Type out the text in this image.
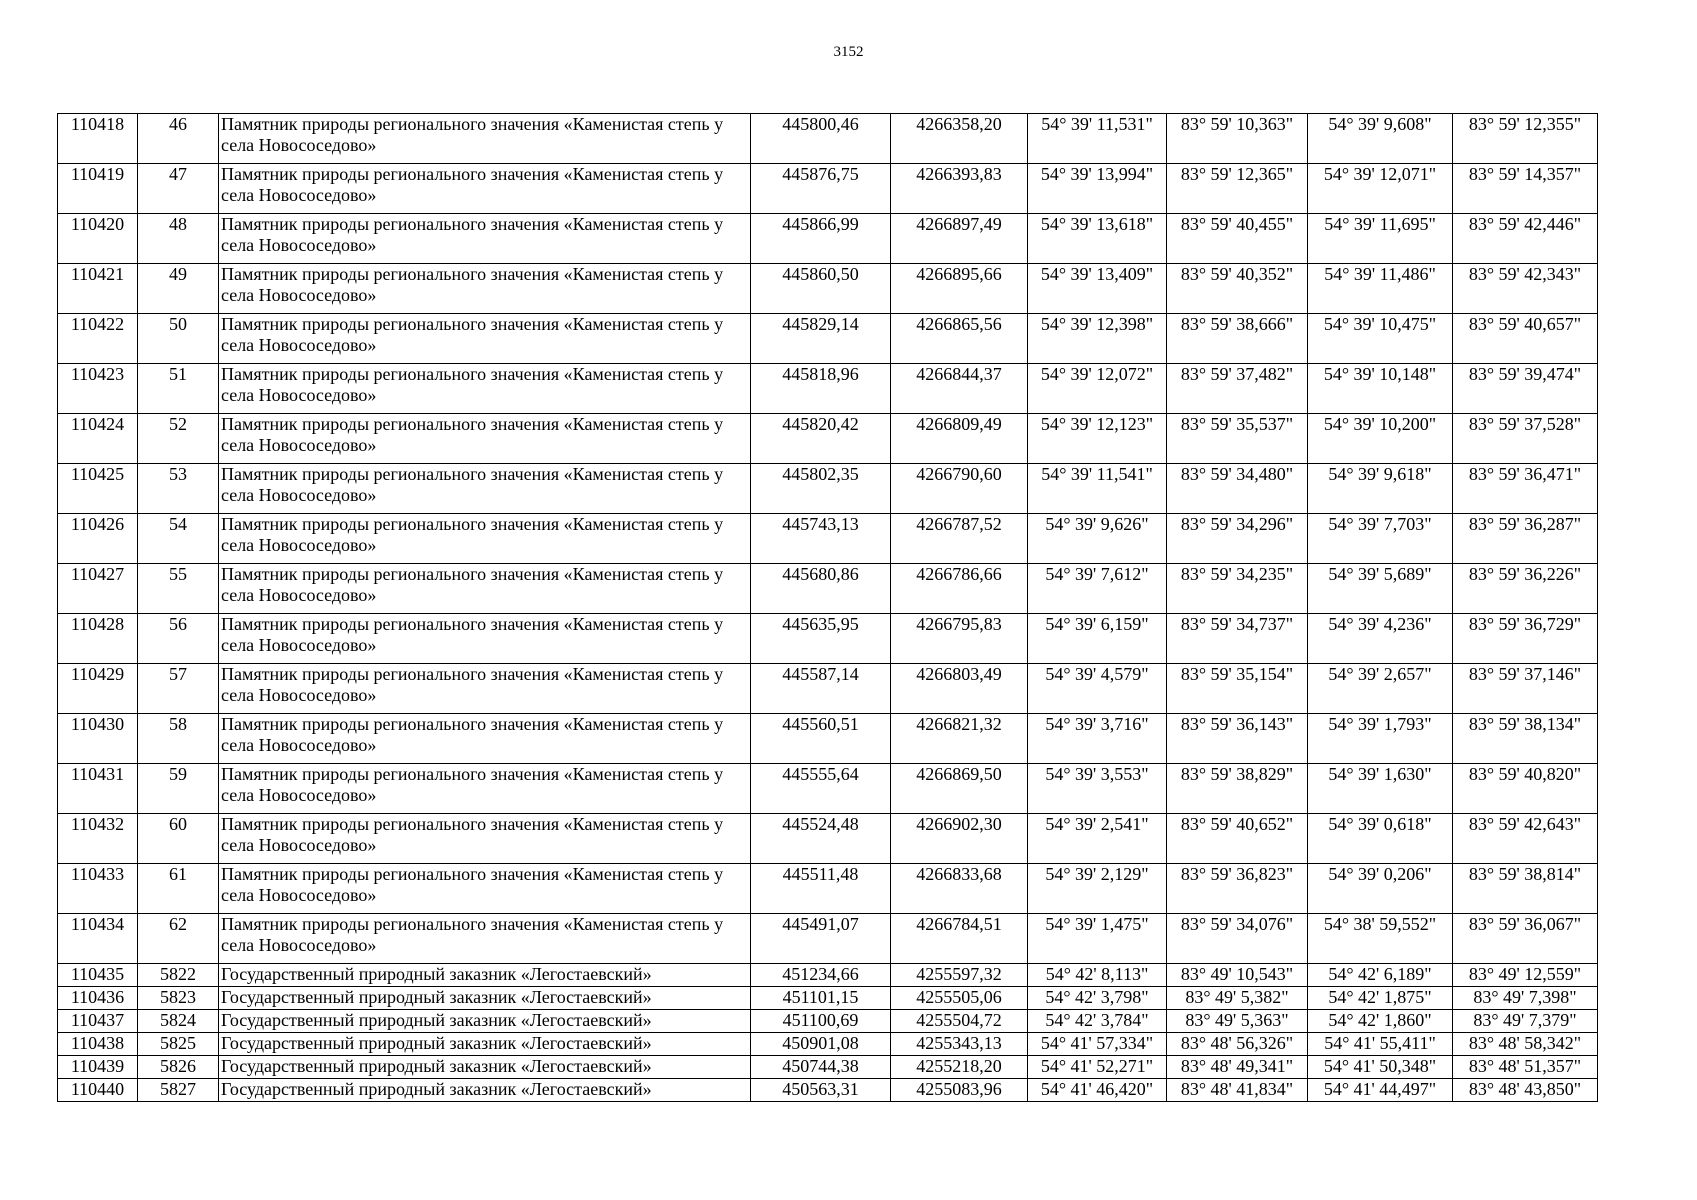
3152
110418	46	Памятник природы регионального значения «Каменистая степь у села Новососедово»	445800,46	4266358,20	54° 39' 11,531"	83° 59' 10,363"	54° 39' 9,608"	83° 59' 12,355"
110419	47	Памятник природы регионального значения «Каменистая степь у села Новососедово»	445876,75	4266393,83	54° 39' 13,994"	83° 59' 12,365"	54° 39' 12,071"	83° 59' 14,357"
110420	48	Памятник природы регионального значения «Каменистая степь у села Новососедово»	445866,99	4266897,49	54° 39' 13,618"	83° 59' 40,455"	54° 39' 11,695"	83° 59' 42,446"
110421	49	Памятник природы регионального значения «Каменистая степь у села Новососедово»	445860,50	4266895,66	54° 39' 13,409"	83° 59' 40,352"	54° 39' 11,486"	83° 59' 42,343"
110422	50	Памятник природы регионального значения «Каменистая степь у села Новососедово»	445829,14	4266865,56	54° 39' 12,398"	83° 59' 38,666"	54° 39' 10,475"	83° 59' 40,657"
110423	51	Памятник природы регионального значения «Каменистая степь у села Новососедово»	445818,96	4266844,37	54° 39' 12,072"	83° 59' 37,482"	54° 39' 10,148"	83° 59' 39,474"
110424	52	Памятник природы регионального значения «Каменистая степь у села Новососедово»	445820,42	4266809,49	54° 39' 12,123"	83° 59' 35,537"	54° 39' 10,200"	83° 59' 37,528"
110425	53	Памятник природы регионального значения «Каменистая степь у села Новососедово»	445802,35	4266790,60	54° 39' 11,541"	83° 59' 34,480"	54° 39' 9,618"	83° 59' 36,471"
110426	54	Памятник природы регионального значения «Каменистая степь у села Новососедово»	445743,13	4266787,52	54° 39' 9,626"	83° 59' 34,296"	54° 39' 7,703"	83° 59' 36,287"
110427	55	Памятник природы регионального значения «Каменистая степь у села Новососедово»	445680,86	4266786,66	54° 39' 7,612"	83° 59' 34,235"	54° 39' 5,689"	83° 59' 36,226"
110428	56	Памятник природы регионального значения «Каменистая степь у села Новососедово»	445635,95	4266795,83	54° 39' 6,159"	83° 59' 34,737"	54° 39' 4,236"	83° 59' 36,729"
110429	57	Памятник природы регионального значения «Каменистая степь у села Новососедово»	445587,14	4266803,49	54° 39' 4,579"	83° 59' 35,154"	54° 39' 2,657"	83° 59' 37,146"
110430	58	Памятник природы регионального значения «Каменистая степь у села Новососедово»	445560,51	4266821,32	54° 39' 3,716"	83° 59' 36,143"	54° 39' 1,793"	83° 59' 38,134"
110431	59	Памятник природы регионального значения «Каменистая степь у села Новососедово»	445555,64	4266869,50	54° 39' 3,553"	83° 59' 38,829"	54° 39' 1,630"	83° 59' 40,820"
110432	60	Памятник природы регионального значения «Каменистая степь у села Новососедово»	445524,48	4266902,30	54° 39' 2,541"	83° 59' 40,652"	54° 39' 0,618"	83° 59' 42,643"
110433	61	Памятник природы регионального значения «Каменистая степь у села Новососедово»	445511,48	4266833,68	54° 39' 2,129"	83° 59' 36,823"	54° 39' 0,206"	83° 59' 38,814"
110434	62	Памятник природы регионального значения «Каменистая степь у села Новососедово»	445491,07	4266784,51	54° 39' 1,475"	83° 59' 34,076"	54° 38' 59,552"	83° 59' 36,067"
110435	5822	Государственный природный заказник «Легостаевский»	451234,66	4255597,32	54° 42' 8,113"	83° 49' 10,543"	54° 42' 6,189"	83° 49' 12,559"
110436	5823	Государственный природный заказник «Легостаевский»	451101,15	4255505,06	54° 42' 3,798"	83° 49' 5,382"	54° 42' 1,875"	83° 49' 7,398"
110437	5824	Государственный природный заказник «Легостаевский»	451100,69	4255504,72	54° 42' 3,784"	83° 49' 5,363"	54° 42' 1,860"	83° 49' 7,379"
110438	5825	Государственный природный заказник «Легостаевский»	450901,08	4255343,13	54° 41' 57,334"	83° 48' 56,326"	54° 41' 55,411"	83° 48' 58,342"
110439	5826	Государственный природный заказник «Легостаевский»	450744,38	4255218,20	54° 41' 52,271"	83° 48' 49,341"	54° 41' 50,348"	83° 48' 51,357"
110440	5827	Государственный природный заказник «Легостаевский»	450563,31	4255083,96	54° 41' 46,420"	83° 48' 41,834"	54° 41' 44,497"	83° 48' 43,850"
